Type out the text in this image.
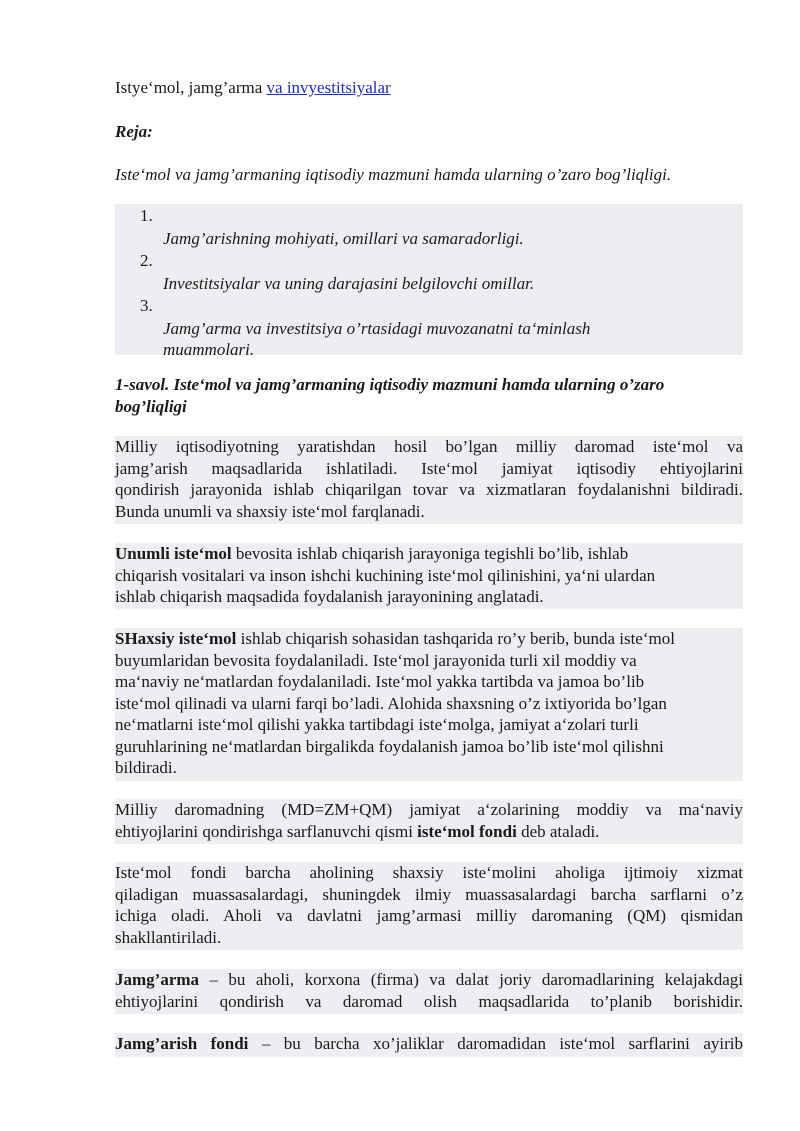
Istye‘mol, jamg’arma va invyestitsiyalar
Reja:
Iste‘mol va jamg’armaning iqtisodiy mazmuni hamda ularning o’zaro bog’liqligi.
1.
Jamg’arishning mohiyati, omillari va samaradorligi.
2.
Investitsiyalar va uning darajasini belgilovchi omillar.
3.
Jamg’arma va investitsiya o’rtasidagi muvozanatni ta‘minlash
muammolari.
1-savol. Iste‘mol va jamg’armaning iqtisodiy mazmuni hamda ularning o’zaro
bog’liqligi
Milliy iqtisodiyotning yaratishdan hosil bo’lgan milliy daromad iste‘mol va
jamg’arish maqsadlarida ishlatiladi. Iste‘mol jamiyat iqtisodiy ehtiyojlarini
qondirish jarayonida ishlab chiqarilgan tovar va xizmatlaran foydalanishni bildiradi.
Bunda unumli va shaxsiy iste‘mol farqlanadi.
Unumli iste‘mol bevosita ishlab chiqarish jarayoniga tegishli bo’lib, ishlab
chiqarish vositalari va inson ishchi kuchining iste‘mol qilinishini, ya‘ni ulardan
ishlab chiqarish maqsadida foydalanish jarayonining anglatadi.
SHaxsiy iste‘mol ishlab chiqarish sohasidan tashqarida ro’y berib, bunda iste‘mol
buyumlaridan bevosita foydalaniladi. Iste‘mol jarayonida turli xil moddiy va
ma‘naviy ne‘matlardan foydalaniladi. Iste‘mol yakka tartibda va jamoa bo’lib
iste‘mol qilinadi va ularni farqi bo’ladi. Alohida shaxsning o’z ixtiyorida bo’lgan
ne‘matlarni iste‘mol qilishi yakka tartibdagi iste‘molga, jamiyat a‘zolari turli
guruhlarining ne‘matlardan birgalikda foydalanish jamoa bo’lib iste‘mol qilishni
bildiradi.
Milliy daromadning (MD=ZM+QM) jamiyat a‘zolarining moddiy va ma‘naviy
ehtiyojlarini qondirishga sarflanuvchi qismi iste‘mol fondi deb ataladi.
Iste‘mol fondi barcha aholining shaxsiy iste‘molini aholiga ijtimoiy xizmat
qiladigan muassasalardagi, shuningdek ilmiy muassasalardagi barcha sarflarni o’z
ichiga oladi. Aholi va davlatni jamg’armasi milliy daromaning (QM) qismidan
shakllantiriladi.
Jamg’arma – bu aholi, korxona (firma) va dalat joriy daromadlarining kelajakdagi
ehtiyojlarini qondirish va daromad olish maqsadlarida to’planib borishidir.
Jamg’arish fondi – bu barcha xo’jaliklar daromadidan iste‘mol sarflarini ayirib
